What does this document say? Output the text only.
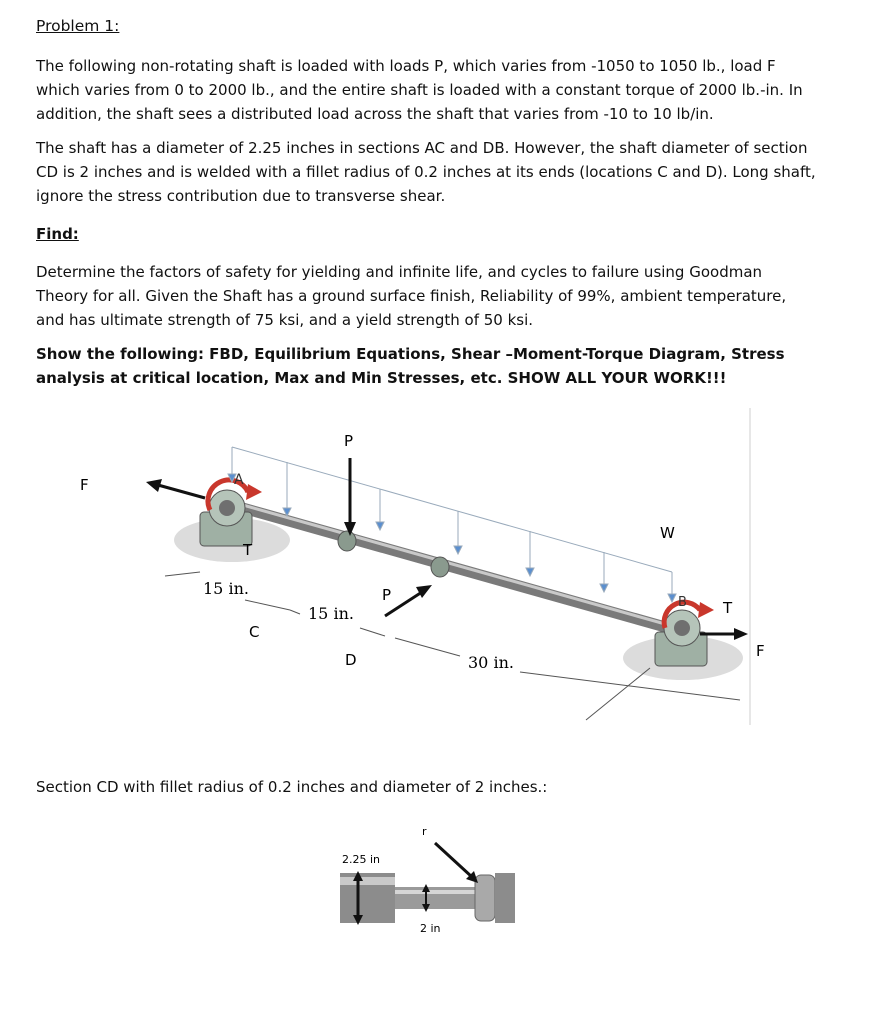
Problem 1:

The following non-rotating shaft is loaded with loads P, which varies from -1050 to 1050 lb., load F which varies from 0 to 2000 lb., and the entire shaft is loaded with a constant torque of 2000 lb.-in. In addition, the shaft sees a distributed load across the shaft that varies from -10 to 10 lb/in.

The shaft has a diameter of 2.25 inches in sections AC and DB. However, the shaft diameter of section CD is 2 inches and is welded with a fillet radius of 0.2 inches at its ends (locations C and D). Long shaft, ignore the stress contribution due to transverse shear.

Find:

Determine the factors of safety for yielding and infinite life, and cycles to failure using Goodman Theory for all. Given the Shaft has a ground surface finish, Reliability of 99%, ambient temperature, and has ultimate strength of 75 ksi, and a yield strength of 50 ksi.

Show the following: FBD, Equilibrium Equations, Shear –Moment-Torque Diagram, Stress analysis at critical location, Max and Min Stresses, etc. SHOW ALL YOUR WORK!!!

F
P
A
T
W
B T
F
P
C
D
15 in.
15 in.
30 in.
Section CD with fillet radius of 0.2 inches and diameter of 2 inches.:
r
2.25 in
2 in
